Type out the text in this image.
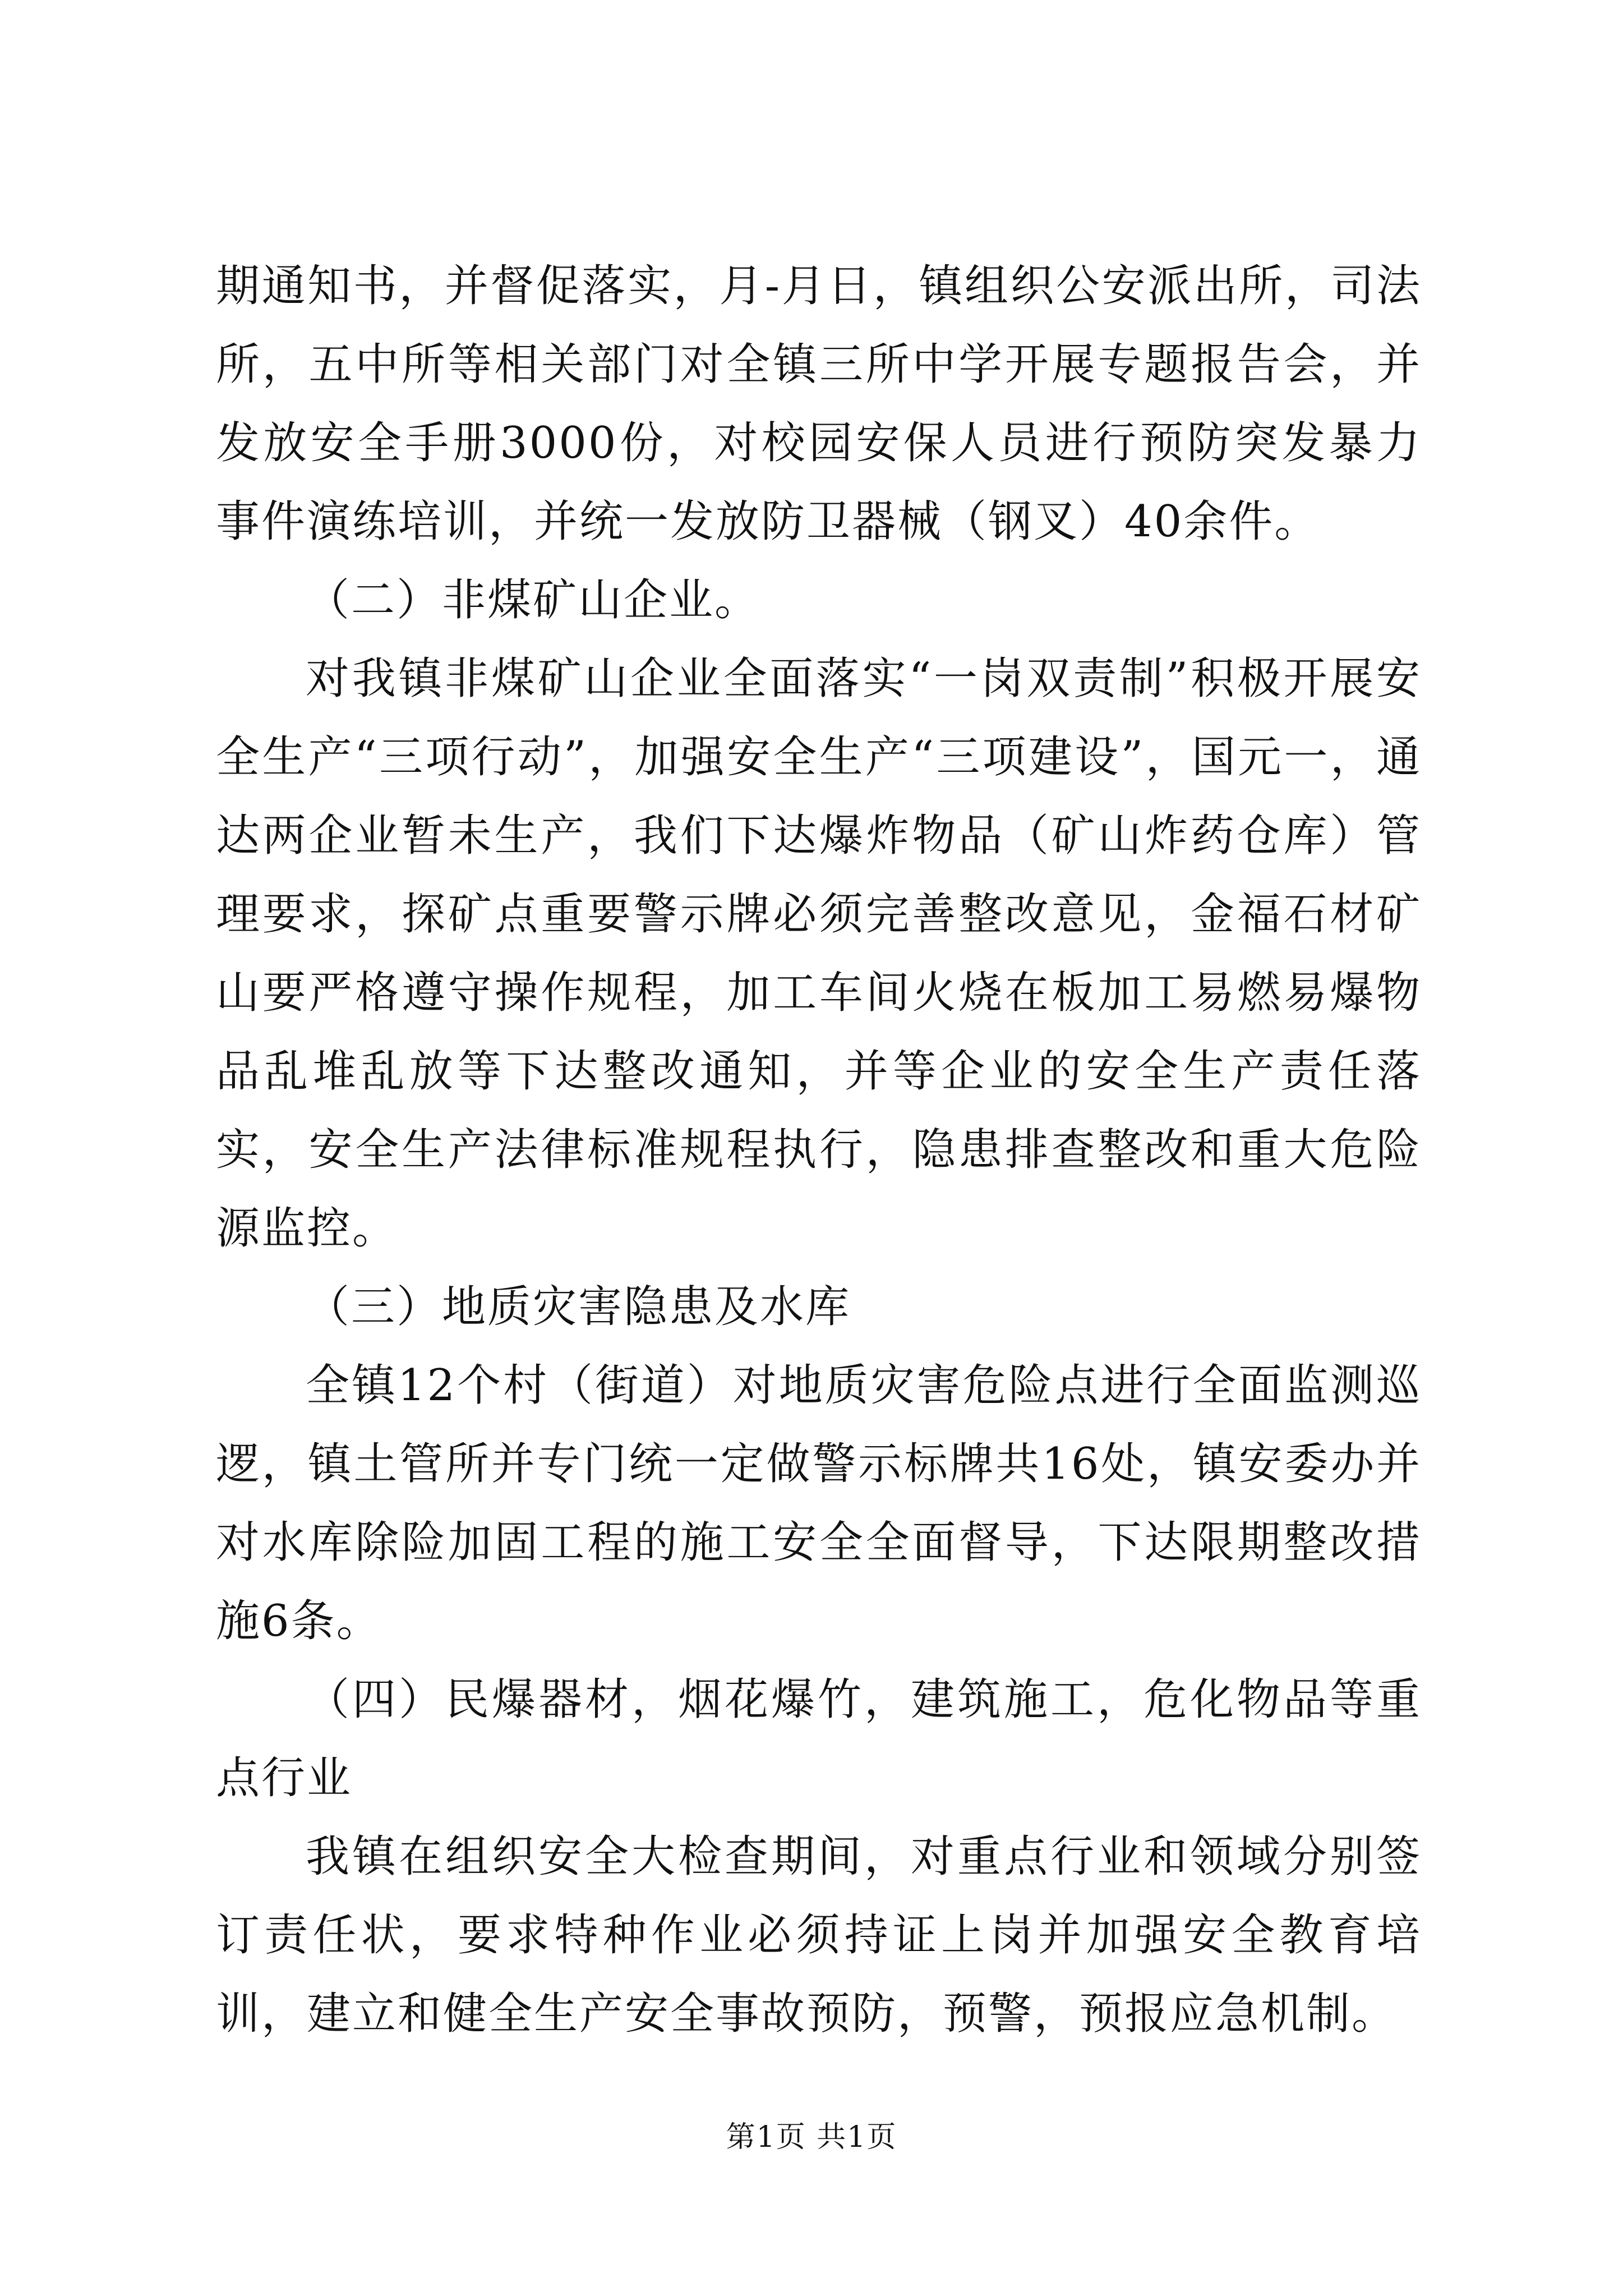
期通知书，并督促落实，月-月日，镇组织公安派出所，司法所，五中所等相关部门对全镇三所中学开展专题报告会，并发放安全手册3000份，对校园安保人员进行预防突发暴力事件演练培训，并统一发放防卫器械（钢叉）40余件。

（二）非煤矿山企业。

对我镇非煤矿山企业全面落实“一岗双责制”积极开展安全生产“三项行动”，加强安全生产“三项建设”，国元一，通达两企业暂未生产，我们下达爆炸物品（矿山炸药仓库）管理要求，探矿点重要警示牌必须完善整改意见，金福石材矿山要严格遵守操作规程，加工车间火烧在板加工易燃易爆物品乱堆乱放等下达整改通知，并等企业的安全生产责任落实，安全生产法律标准规程执行，隐患排查整改和重大危险源监控。

（三）地质灾害隐患及水库

全镇12个村（街道）对地质灾害危险点进行全面监测巡逻，镇土管所并专门统一定做警示标牌共16处，镇安委办并对水库除险加固工程的施工安全全面督导，下达限期整改措施6条。

（四）民爆器材，烟花爆竹，建筑施工，危化物品等重点行业

我镇在组织安全大检查期间，对重点行业和领域分别签订责任状，要求特种作业必须持证上岗并加强安全教育培训，建立和健全生产安全事故预防，预警，预报应急机制。

第1页 共1页
